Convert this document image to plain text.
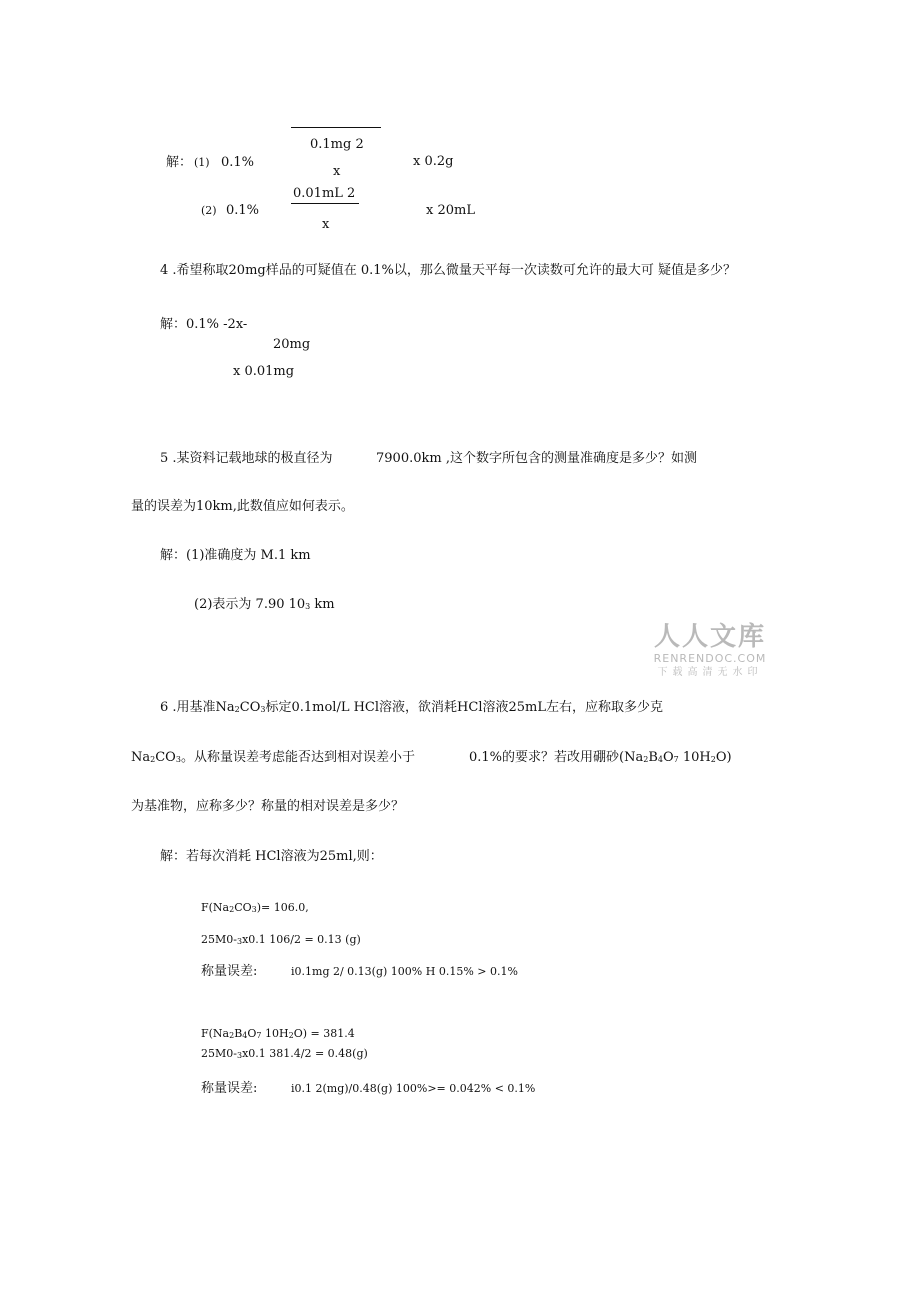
解： (1) 0.1%
0.1mg 2
x
x 0.2g
(2) 0.1%
0.01mL 2
x
x 20mL
4 .希望称取20mg样品的可疑值在 0.1%以，那么微量天平每一次读数可允许的最大可 疑值是多少？
解：0.1% -2x-
20mg
x 0.01mg
5 .某资料记载地球的极直径为	7900.0km ,这个数字所包含的测量准确度是多少？如测
量的误差为10km,此数值应如何表示。
解：(1)准确度为 M.1 km
(2)表示为 7.90 103 km
人人文库
RENRENDOC.COM
下载高清无水印
6 .用基准Na2CO3标定0.1mol/L HCl溶液，欲消耗HCl溶液25mL左右，应称取多少克
Na2CO3。从称量误差考虑能否达到相对误差小于	0.1%的要求？若改用硼砂(Na2B4O7 10H2O)
为基准物，应称多少？称量的相对误差是多少？
解：若每次消耗 HCl溶液为25ml,则：
F(Na2CO3)= 106.0,
25M0-3x0.1 106/2 = 0.13 (g)
称量误差:	i0.1mg 2/ 0.13(g) 100% H 0.15% > 0.1%
F(Na2B4O7 10H2O) = 381.4
25M0-3x0.1 381.4/2 = 0.48(g)
称量误差:	i0.1 2(mg)/0.48(g) 100%>= 0.042% < 0.1%
